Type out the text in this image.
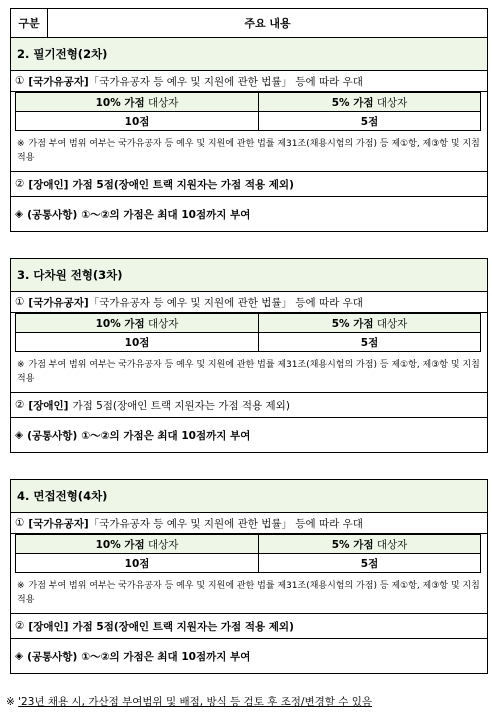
구분	주요 내용
2. 필기전형(2차)
① [국가유공자] 「국가유공자 등 예우 및 지원에 관한 법률」 등에 따라 우대
10% 가점 대상자	5% 가점 대상자
10점	5점
※ 가점 부여 범위 여부는 국가유공자 등 예우 및 지원에 관한 법률 제31조(채용시험의 가점) 등 제①항, 제③항 및 지침 적용
② [장애인] 가점 5점(장애인 트랙 지원자는 가점 적용 제외)
◈ (공통사항) ①～②의 가점은 최대 10점까지 부여
3. 다차원 전형(3차)
① [국가유공자] 「국가유공자 등 예우 및 지원에 관한 법률」 등에 따라 우대
10% 가점 대상자	5% 가점 대상자
10점	5점
※ 가점 부여 범위 여부는 국가유공자 등 예우 및 지원에 관한 법률 제31조(채용시험의 가점) 등 제①항, 제③항 및 지침 적용
② [장애인] 가점 5점(장애인 트랙 지원자는 가점 적용 제외)
◈ (공통사항) ①～②의 가점은 최대 10점까지 부여
4. 면접전형(4차)
① [국가유공자] 「국가유공자 등 예우 및 지원에 관한 법률」 등에 따라 우대
10% 가점 대상자	5% 가점 대상자
10점	5점
※ 가점 부여 범위 여부는 국가유공자 등 예우 및 지원에 관한 법률 제31조(채용시험의 가점) 등 제①항, 제③항 및 지침 적용
② [장애인] 가점 5점(장애인 트랙 지원자는 가점 적용 제외)
◈ (공통사항) ①～②의 가점은 최대 10점까지 부여
※ '23년 채용 시, 가산점 부여범위 및 배점, 방식 등 검토 후 조정/변경할 수 있음
